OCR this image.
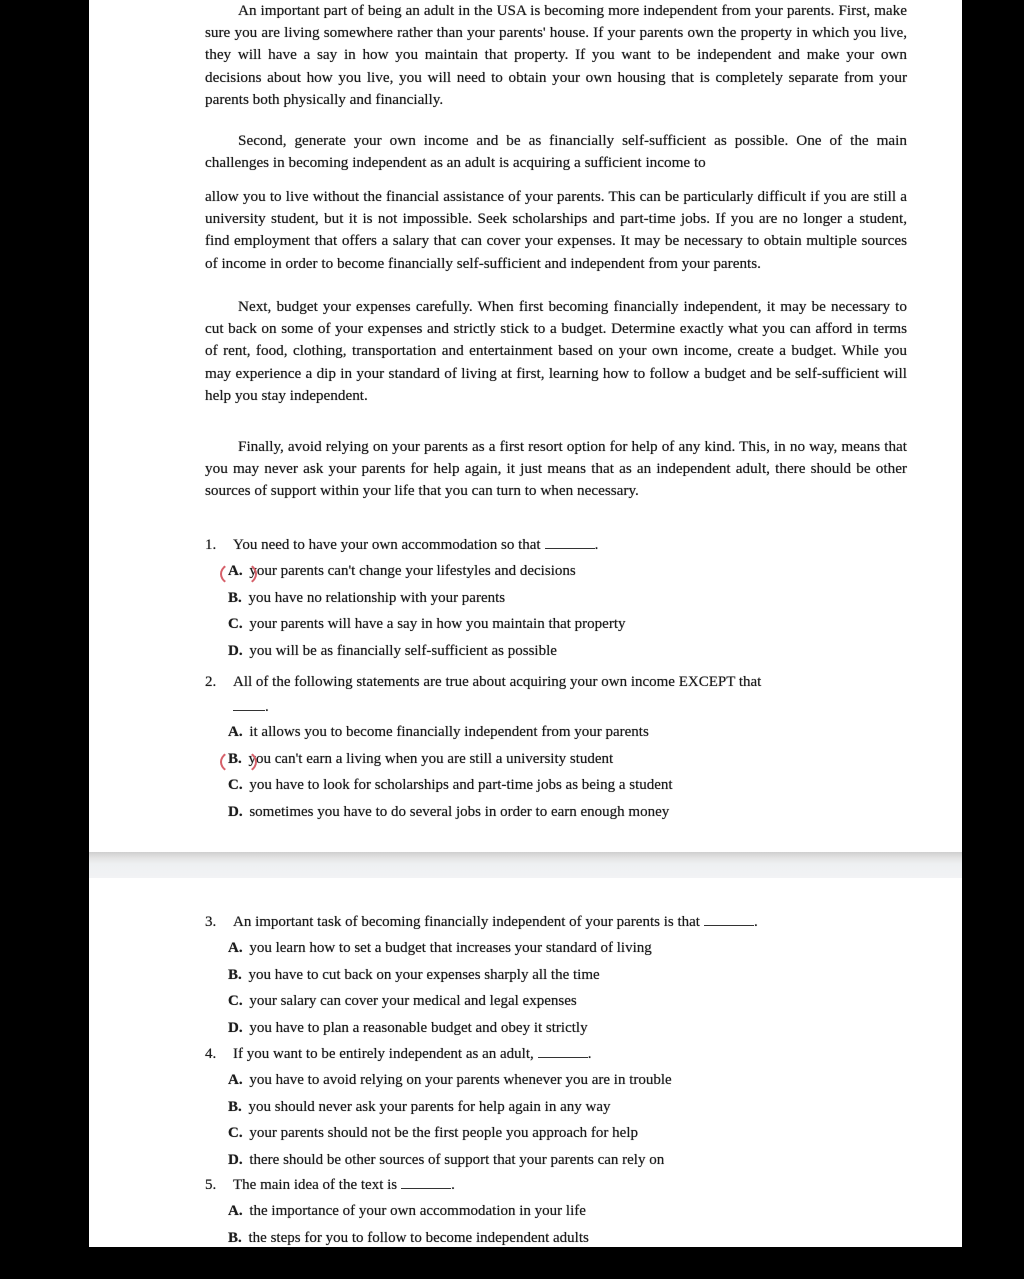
An important part of being an adult in the USA is becoming more independent from your parents. First, make sure you are living somewhere rather than your parents' house. If your parents own the property in which you live, they will have a say in how you maintain that property. If you want to be independent and make your own decisions about how you live, you will need to obtain your own housing that is completely separate from your parents both physically and financially.

Second, generate your own income and be as financially self-sufficient as possible. One of the main challenges in becoming independent as an adult is acquiring a sufficient income to

allow you to live without the financial assistance of your parents. This can be particularly difficult if you are still a university student, but it is not impossible. Seek scholarships and part-time jobs. If you are no longer a student, find employment that offers a salary that can cover your expenses. It may be necessary to obtain multiple sources of income in order to become financially self-sufficient and independent from your parents.

Next, budget your expenses carefully. When first becoming financially independent, it may be necessary to cut back on some of your expenses and strictly stick to a budget. Determine exactly what you can afford in terms of rent, food, clothing, transportation and entertainment based on your own income, create a budget. While you may experience a dip in your standard of living at first, learning how to follow a budget and be self-sufficient will help you stay independent.

Finally, avoid relying on your parents as a first resort option for help of any kind. This, in no way, means that you may never ask your parents for help again, it just means that as an independent adult, there should be other sources of support within your life that you can turn to when necessary.

1.	You need to have your own accommodation so that	.
A. your parents can't change your lifestyles and decisions
B. you have no relationship with your parents
C. your parents will have a say in how you maintain that property
D. you will be as financially self-sufficient as possible
2.	All of the following statements are true about acquiring your own income EXCEPT that
.
A. it allows you to become financially independent from your parents
B. you can't earn a living when you are still a university student
C. you have to look for scholarships and part-time jobs as being a student
D. sometimes you have to do several jobs in order to earn enough money
3.	An important task of becoming financially independent of your parents is that	.
A. you learn how to set a budget that increases your standard of living
B. you have to cut back on your expenses sharply all the time
C. your salary can cover your medical and legal expenses
D. you have to plan a reasonable budget and obey it strictly
4.	If you want to be entirely independent as an adult,	.
A. you have to avoid relying on your parents whenever you are in trouble
B. you should never ask your parents for help again in any way
C. your parents should not be the first people you approach for help
D. there should be other sources of support that your parents can rely on
5.	The main idea of the text is	.
A. the importance of your own accommodation in your life
B. the steps for you to follow to become independent adults
